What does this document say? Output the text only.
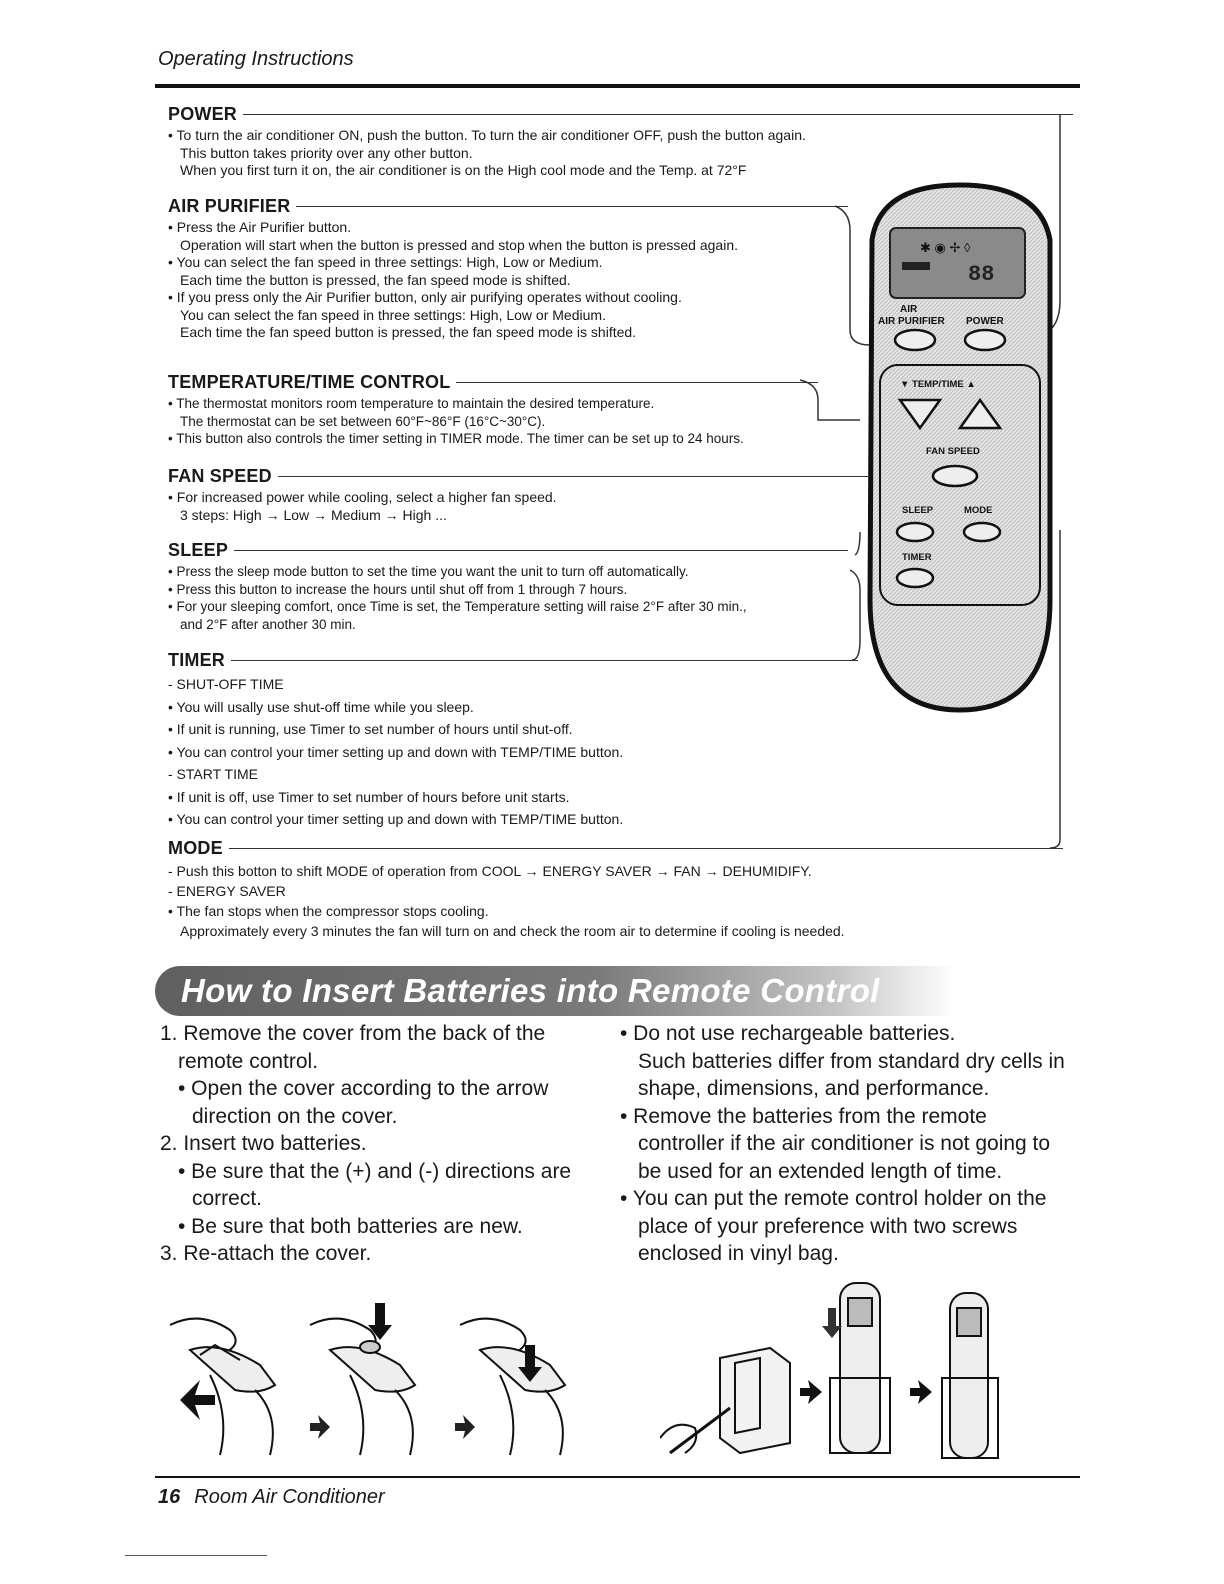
Operating Instructions
POWER
• To turn the air conditioner ON, push the button. To turn the air conditioner OFF, push the button again.
This button takes priority over any other button.
When you first turn it on, the air conditioner is on the High cool mode and the Temp. at 72°F
AIR PURIFIER
• Press the Air Purifier button.
Operation will start when the button is pressed and stop when the button is pressed again.
• You can select the fan speed in three settings: High, Low or Medium.
Each time the button is pressed, the fan speed mode is shifted.
• If you press only the Air Purifier button, only air purifying operates without cooling.
You can select the fan speed in three settings: High, Low or Medium.
Each time the fan speed button is pressed, the fan speed mode is shifted.
TEMPERATURE/TIME CONTROL
• The thermostat monitors room temperature to maintain the desired temperature.
The thermostat can be set between 60°F~86°F (16°C~30°C).
• This button also controls the timer setting in TIMER mode. The timer can be set up to 24 hours.
FAN SPEED
• For increased power while cooling, select a higher fan speed.
3 steps: High → Low → Medium → High ...
SLEEP
• Press the sleep mode button to set the time you want the unit to turn off automatically.
• Press this button to increase the hours until shut off from 1 through 7 hours.
• For your sleeping comfort, once Time is set, the Temperature setting will raise 2°F after 30 min.,
and 2°F after another 30 min.
TIMER
- SHUT-OFF TIME
• You will usally use shut-off time while you sleep.
• If unit is running, use Timer to set number of hours until shut-off.
• You can control your timer setting up and down with TEMP/TIME button.
- START TIME
• If unit is off, use Timer to set number of hours before unit starts.
• You can control your timer setting up and down with TEMP/TIME button.
MODE
- Push this botton to shift MODE of operation from COOL → ENERGY SAVER → FAN → DEHUMIDIFY.
- ENERGY SAVER
• The fan stops when the compressor stops cooling.
Approximately every 3 minutes the fan will turn on and check the room air to determine if cooling is needed.
✱ ◉ ✢ ◊
88
AIR
AIR PURIFIER POWER
▼ TEMP/TIME ▲
FAN SPEED
SLEEP	MODE
TIMER
How to Insert Batteries into Remote Control
1. Remove the cover from the back of the
remote control.
• Open the cover according to the arrow
direction on the cover.
2. Insert two batteries.
• Be sure that the (+) and (-) directions are
correct.
• Be sure that both batteries are new.
3. Re-attach the cover.
• Do not use rechargeable batteries.
Such batteries differ from standard dry cells in
shape, dimensions, and performance.
• Remove the batteries from the remote
controller if the air conditioner is not going to
be used for an extended length of time.
• You can put the remote control holder on the
place of your preference with two screws
enclosed in vinyl bag.
16 Room Air Conditioner
